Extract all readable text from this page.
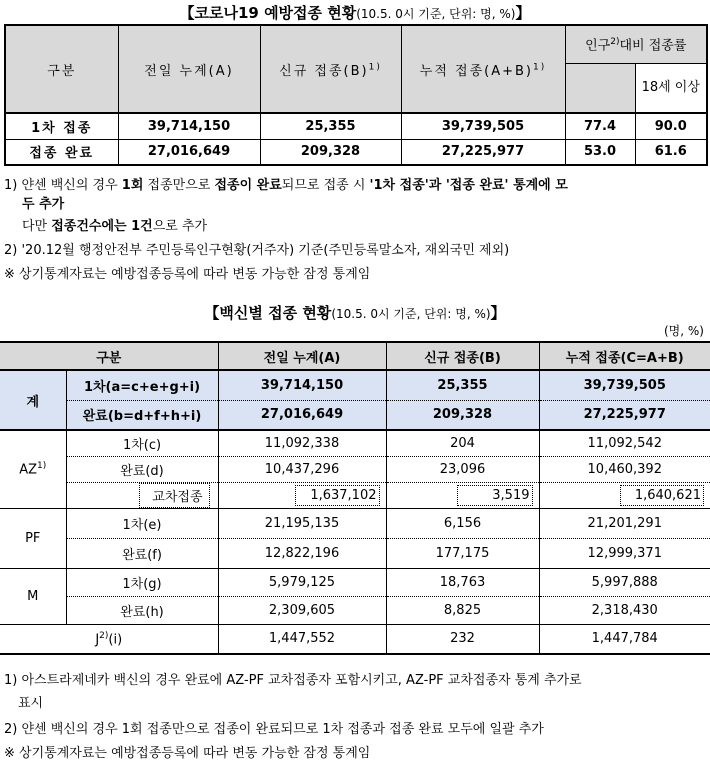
【코로나19 예방접종 현황(10.5. 0시 기준, 단위: 명, %)】
구분	전일 누계(A)	신규 접종$(B)^{1)}$	누적 접종$(A+B)^{1)}$	인구$^{2)}$대비 접종률	
					18세 이상
1차 접종	39,714,150	25,355	39,739,505	77.4	90.0
접종 완료	27,016,649	209,328	27,225,977	53.0	61.6
1) 얀센 백신의 경우 1회 접종만으로 접종이 완료되므로 접종 시 '1차 접종'과 '접종 완료' 통계에 모
두 추가
다만 접종건수에는 1건으로 추가
2) '20.12월 행정안전부 주민등록인구현황(거주자) 기준(주민등록말소자, 재외국민 제외)
※ 상기통계자료는 예방접종등록에 따라 변동 가능한 잠정 통계임
【백신별 접종 현황(10.5. 0시 기준, 단위: 명, %)】
(명, %)
구분		전일 누계(A)	신규 접종(B)	누적 접종(C=A+B)
계	1차(a=c+e+g+i)	39,714,150	25,355	39,739,505
	완료(b=d+f+h+i)	27,016,649	209,328	27,225,977
AZ$^{1)}$	1차(c)	11,092,338	204	11,092,542
	완료(d)	10,437,296	23,096	10,460,392
	교차접종	1,637,102	3,519	1,640,621
PF	1차(e)	21,195,135	6,156	21,201,291
	완료(f)	12,822,196	177,175	12,999,371
M	1차(g)	5,979,125	18,763	5,997,888
	완료(h)	2,309,605	8,825	2,318,430
$J^{2)}(i)$		1,447,552	232	1,447,784
1) 아스트라제네카 백신의 경우 완료에 AZ-PF 교차접종자 포함시키고, AZ-PF 교차접종자 통계 추가로
표시
2) 얀센 백신의 경우 1회 접종만으로 접종이 완료되므로 1차 접종과 접종 완료 모두에 일괄 추가
※ 상기통계자료는 예방접종등록에 따라 변동 가능한 잠정 통계임
